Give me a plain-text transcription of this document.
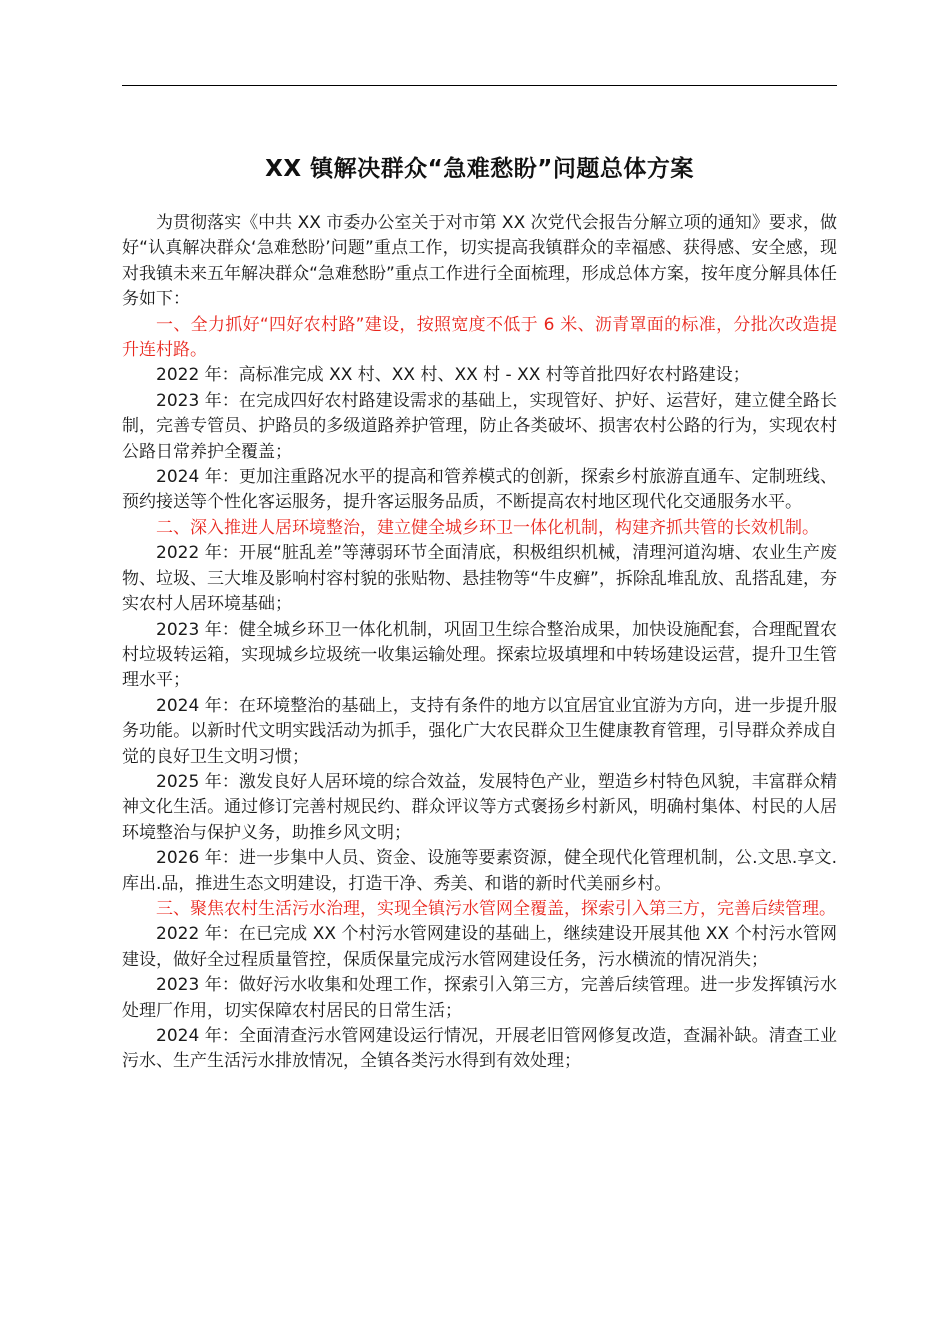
XX 镇解决群众“急难愁盼”问题总体方案

为贯彻落实《中共 XX 市委办公室关于对市第 XX 次党代会报告分解立项的通知》要求，做好“认真解决群众‘急难愁盼’问题”重点工作，切实提高我镇群众的幸福感、获得感、安全感，现对我镇未来五年解决群众“急难愁盼”重点工作进行全面梳理，形成总体方案，按年度分解具体任务如下：

一、全力抓好“四好农村路”建设，按照宽度不低于 6 米、沥青罩面的标准，分批次改造提升连村路。

2022 年：高标准完成 XX 村、XX 村、XX 村 - XX 村等首批四好农村路建设；

2023 年：在完成四好农村路建设需求的基础上，实现管好、护好、运营好，建立健全路长制，完善专管员、护路员的多级道路养护管理，防止各类破坏、损害农村公路的行为，实现农村公路日常养护全覆盖；

2024 年：更加注重路况水平的提高和管养模式的创新，探索乡村旅游直通车、定制班线、预约接送等个性化客运服务，提升客运服务品质，不断提高农村地区现代化交通服务水平。

二、深入推进人居环境整治，建立健全城乡环卫一体化机制，构建齐抓共管的长效机制。

2022 年：开展“脏乱差”等薄弱环节全面清底，积极组织机械，清理河道沟塘、农业生产废物、垃圾、三大堆及影响村容村貌的张贴物、悬挂物等“牛皮癣”，拆除乱堆乱放、乱搭乱建，夯实农村人居环境基础；

2023 年：健全城乡环卫一体化机制，巩固卫生综合整治成果，加快设施配套，合理配置农村垃圾转运箱，实现城乡垃圾统一收集运输处理。探索垃圾填埋和中转场建设运营，提升卫生管理水平；

2024 年：在环境整治的基础上，支持有条件的地方以宜居宜业宜游为方向，进一步提升服务功能。以新时代文明实践活动为抓手，强化广大农民群众卫生健康教育管理，引导群众养成自觉的良好卫生文明习惯；

2025 年：激发良好人居环境的综合效益，发展特色产业，塑造乡村特色风貌，丰富群众精神文化生活。通过修订完善村规民约、群众评议等方式褒扬乡村新风，明确村集体、村民的人居环境整治与保护义务，助推乡风文明；

2026 年：进一步集中人员、资金、设施等要素资源，健全现代化管理机制，公.文思.享文.库出.品，推进生态文明建设，打造干净、秀美、和谐的新时代美丽乡村。

三、聚焦农村生活污水治理，实现全镇污水管网全覆盖，探索引入第三方，完善后续管理。

2022 年：在已完成 XX 个村污水管网建设的基础上，继续建设开展其他 XX 个村污水管网建设，做好全过程质量管控，保质保量完成污水管网建设任务，污水横流的情况消失；

2023 年：做好污水收集和处理工作，探索引入第三方，完善后续管理。进一步发挥镇污水处理厂作用，切实保障农村居民的日常生活；

2024 年：全面清查污水管网建设运行情况，开展老旧管网修复改造，查漏补缺。清查工业污水、生产生活污水排放情况，全镇各类污水得到有效处理；
